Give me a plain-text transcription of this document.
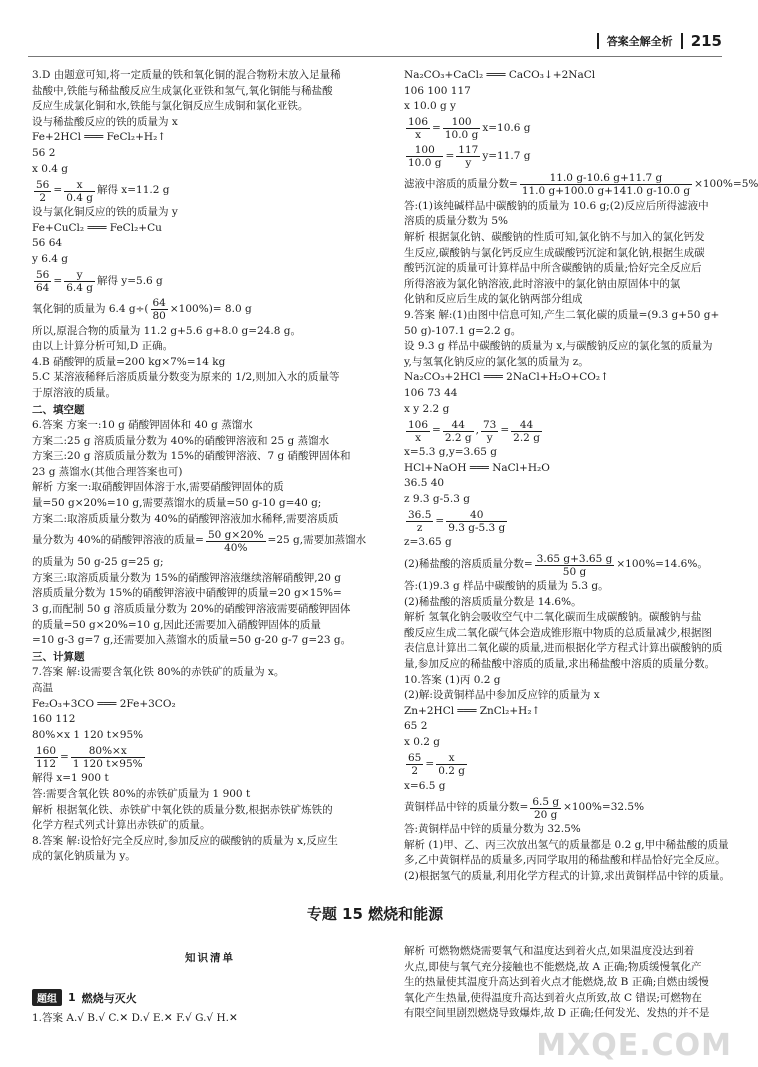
答案全解全析 215
3.D 由题意可知,将一定质量的铁和氧化铜的混合物粉末放入足量稀
盐酸中,铁能与稀盐酸反应生成氯化亚铁和氢气,氧化铜能与稀盐酸
反应生成氯化铜和水,铁能与氯化铜反应生成铜和氯化亚铁。
设与稀盐酸反应的铁的质量为 x
Fe+2HCl ═══ FeCl₂+H₂↑
56 2
x 0.4 g
$\frac{56}{2} = \frac{x}{0.4 g}$ 解得 x=11.2 g
设与氯化铜反应的铁的质量为 y
Fe+CuCl₂ ═══ FeCl₂+Cu
56 64
y 6.4 g
$\frac{56}{64} = \frac{y}{6.4 g}$ 解得 y=5.6 g
氧化铜的质量为 6.4 $g\div( \frac{64}{80} \times 100\%)= 8.0$ g
所以,原混合物的质量为 11.2 g+5.6 g+8.0 g=24.8 g。
由以上计算分析可知,D 正确。
4.B 硝酸钾的质量=200 kg×7%=14 kg
5.C 某溶液稀释后溶质质量分数变为原来的 1/2,则加入水的质量等
于原溶液的质量。
二、填空题
6.答案 方案一:10 g 硝酸钾固体和 40 g 蒸馏水
方案二:25 g 溶质质量分数为 40%的硝酸钾溶液和 25 g 蒸馏水
方案三:20 g 溶质质量分数为 15%的硝酸钾溶液、7 g 硝酸钾固体和
23 g 蒸馏水(其他合理答案也可)
解析 方案一:取硝酸钾固体溶于水,需要硝酸钾固体的质
量=50 g×20%=10 g,需要蒸馏水的质量=50 g-10 g=40 g;
方案二:取溶质质量分数为 40%的硝酸钾溶液加水稀释,需要溶质质
量分数为 40%的硝酸钾溶液的质量= $\frac{50 g\times 20\%}{40\%} =25$ g,需要加蒸馏水
的质量为 50 g-25 g=25 g;
方案三:取溶质质量分数为 15%的硝酸钾溶液继续溶解硝酸钾,20 g
溶质质量分数为 15%的硝酸钾溶液中硝酸钾的质量=20 g×15%=
3 g,而配制 50 g 溶质质量分数为 20%的硝酸钾溶液需要硝酸钾固体
的质量=50 g×20%=10 g,因此还需要加入硝酸钾固体的质量
=10 g-3 g=7 g,还需要加入蒸馏水的质量=50 g-20 g-7 g=23 g。
三、计算题
7.答案 解:设需要含氧化铁 80%的赤铁矿的质量为 x。
高温
Fe₂O₃+3CO ═══ 2Fe+3CO₂
160 112
80%×x 1 120 t×95%
$\frac{160}{112} = \frac{80\%\times x}{1 120 t\times 95\%}$
解得 x=1 900 t
答:需要含氧化铁 80%的赤铁矿质量为 1 900 t
解析 根据氧化铁、赤铁矿中氧化铁的质量分数,根据赤铁矿炼铁的
化学方程式列式计算出赤铁矿的质量。
8.答案 解:设恰好完全反应时,参加反应的碳酸钠的质量为 x,反应生
成的氯化钠质量为 y。
Na₂CO₃+CaCl₂ ═══ CaCO₃↓+2NaCl
106 100 117
x 10.0 g y
$\frac{106}{x} = \frac{100}{10.0 g} x=10.6$ g
$\frac{100}{10.0 g} = \frac{117}{y} y=11.7$ g
滤液中溶质的质量分数= $\frac{11.0 g-10.6 g+11.7 g}{11.0 g+100.0 g+141.0 g-10.0 g} \times 100\%=5\%$
答:(1)该纯碱样品中碳酸钠的质量为 10.6 g;(2)反应后所得滤液中
溶质的质量分数为 5%
解析 根据氯化钠、碳酸钠的性质可知,氯化钠不与加入的氯化钙发
生反应,碳酸钠与氯化钙反应生成碳酸钙沉淀和氯化钠,根据生成碳
酸钙沉淀的质量可计算样品中所含碳酸钠的质量;恰好完全反应后
所得溶液为氯化钠溶液,此时溶液中的氯化钠由原固体中的氯
化钠和反应后生成的氯化钠两部分组成
9.答案 解:(1)由图中信息可知,产生二氧化碳的质量=(9.3 g+50 g+
50 g)-107.1 g=2.2 g。
设 9.3 g 样品中碳酸钠的质量为 x,与碳酸钠反应的氯化氢的质量为
y,与氢氧化钠反应的氯化氢的质量为 z。
Na₂CO₃+2HCl ═══ 2NaCl+H₂O+CO₂↑
106 73 44
x y 2.2 g
$\frac{106}{x} = \frac{44}{2.2 g}$ , $\frac{73}{y} = \frac{44}{2.2 g}$
x=5.3 g,y=3.65 g
HCl+NaOH ═══ NaCl+H₂O
36.5 40
z 9.3 g-5.3 g
$\frac{36.5}{z} = \frac{40}{9.3 g-5.3 g}$
z=3.65 g
(2)稀盐酸的溶质质量分数= $\frac{3.65 g+3.65 g}{50 g} \times 100\%=14.6\%$。
答:(1)9.3 g 样品中碳酸钠的质量为 5.3 g。
(2)稀盐酸的溶质质量分数是 14.6%。
解析 氢氧化钠会吸收空气中二氧化碳而生成碳酸钠。碳酸钠与盐
酸反应生成二氧化碳气体会造成锥形瓶中物质的总质量减少,根据图
表信息计算出二氧化碳的质量,进而根据化学方程式计算出碳酸钠的质
量,参加反应的稀盐酸中溶质的质量,求出稀盐酸中溶质的质量分数。
10.答案 (1)丙 0.2 g
(2)解:设黄铜样品中参加反应锌的质量为 x
Zn+2HCl ═══ ZnCl₂+H₂↑
65 2
x 0.2 g
$\frac{65}{2} = \frac{x}{0.2 g}$
x=6.5 g
黄铜样品中锌的质量分数= $\frac{6.5 g}{20 g} \times 100\%=32.5\%$
答:黄铜样品中锌的质量分数为 32.5%
解析 (1)甲、乙、丙三次放出氢气的质量都是 0.2 g,甲中稀盐酸的质量
多,乙中黄铜样品的质量多,丙同学取用的稀盐酸和样品恰好完全反应。
(2)根据氢气的质量,利用化学方程式的计算,求出黄铜样品中锌的质量。
专题 15 燃烧和能源
知识清单
题组	1 燃烧与灭火
1.答案 A.√ B.√ C.✕ D.√ E.✕ F.√ G.√ H.✕
解析 可燃物燃烧需要氧气和温度达到着火点,如果温度没达到着
火点,即使与氧气充分接触也不能燃烧,故 A 正确;物质缓慢氧化产
生的热量使其温度升高达到着火点才能燃烧,故 B 正确;自燃由缓慢
氧化产生热量,使得温度升高达到着火点所致,故 C 错误;可燃物在
有限空间里剧烈燃烧导致爆炸,故 D 正确;任何发光、发热的并不是
MXQE.COM
